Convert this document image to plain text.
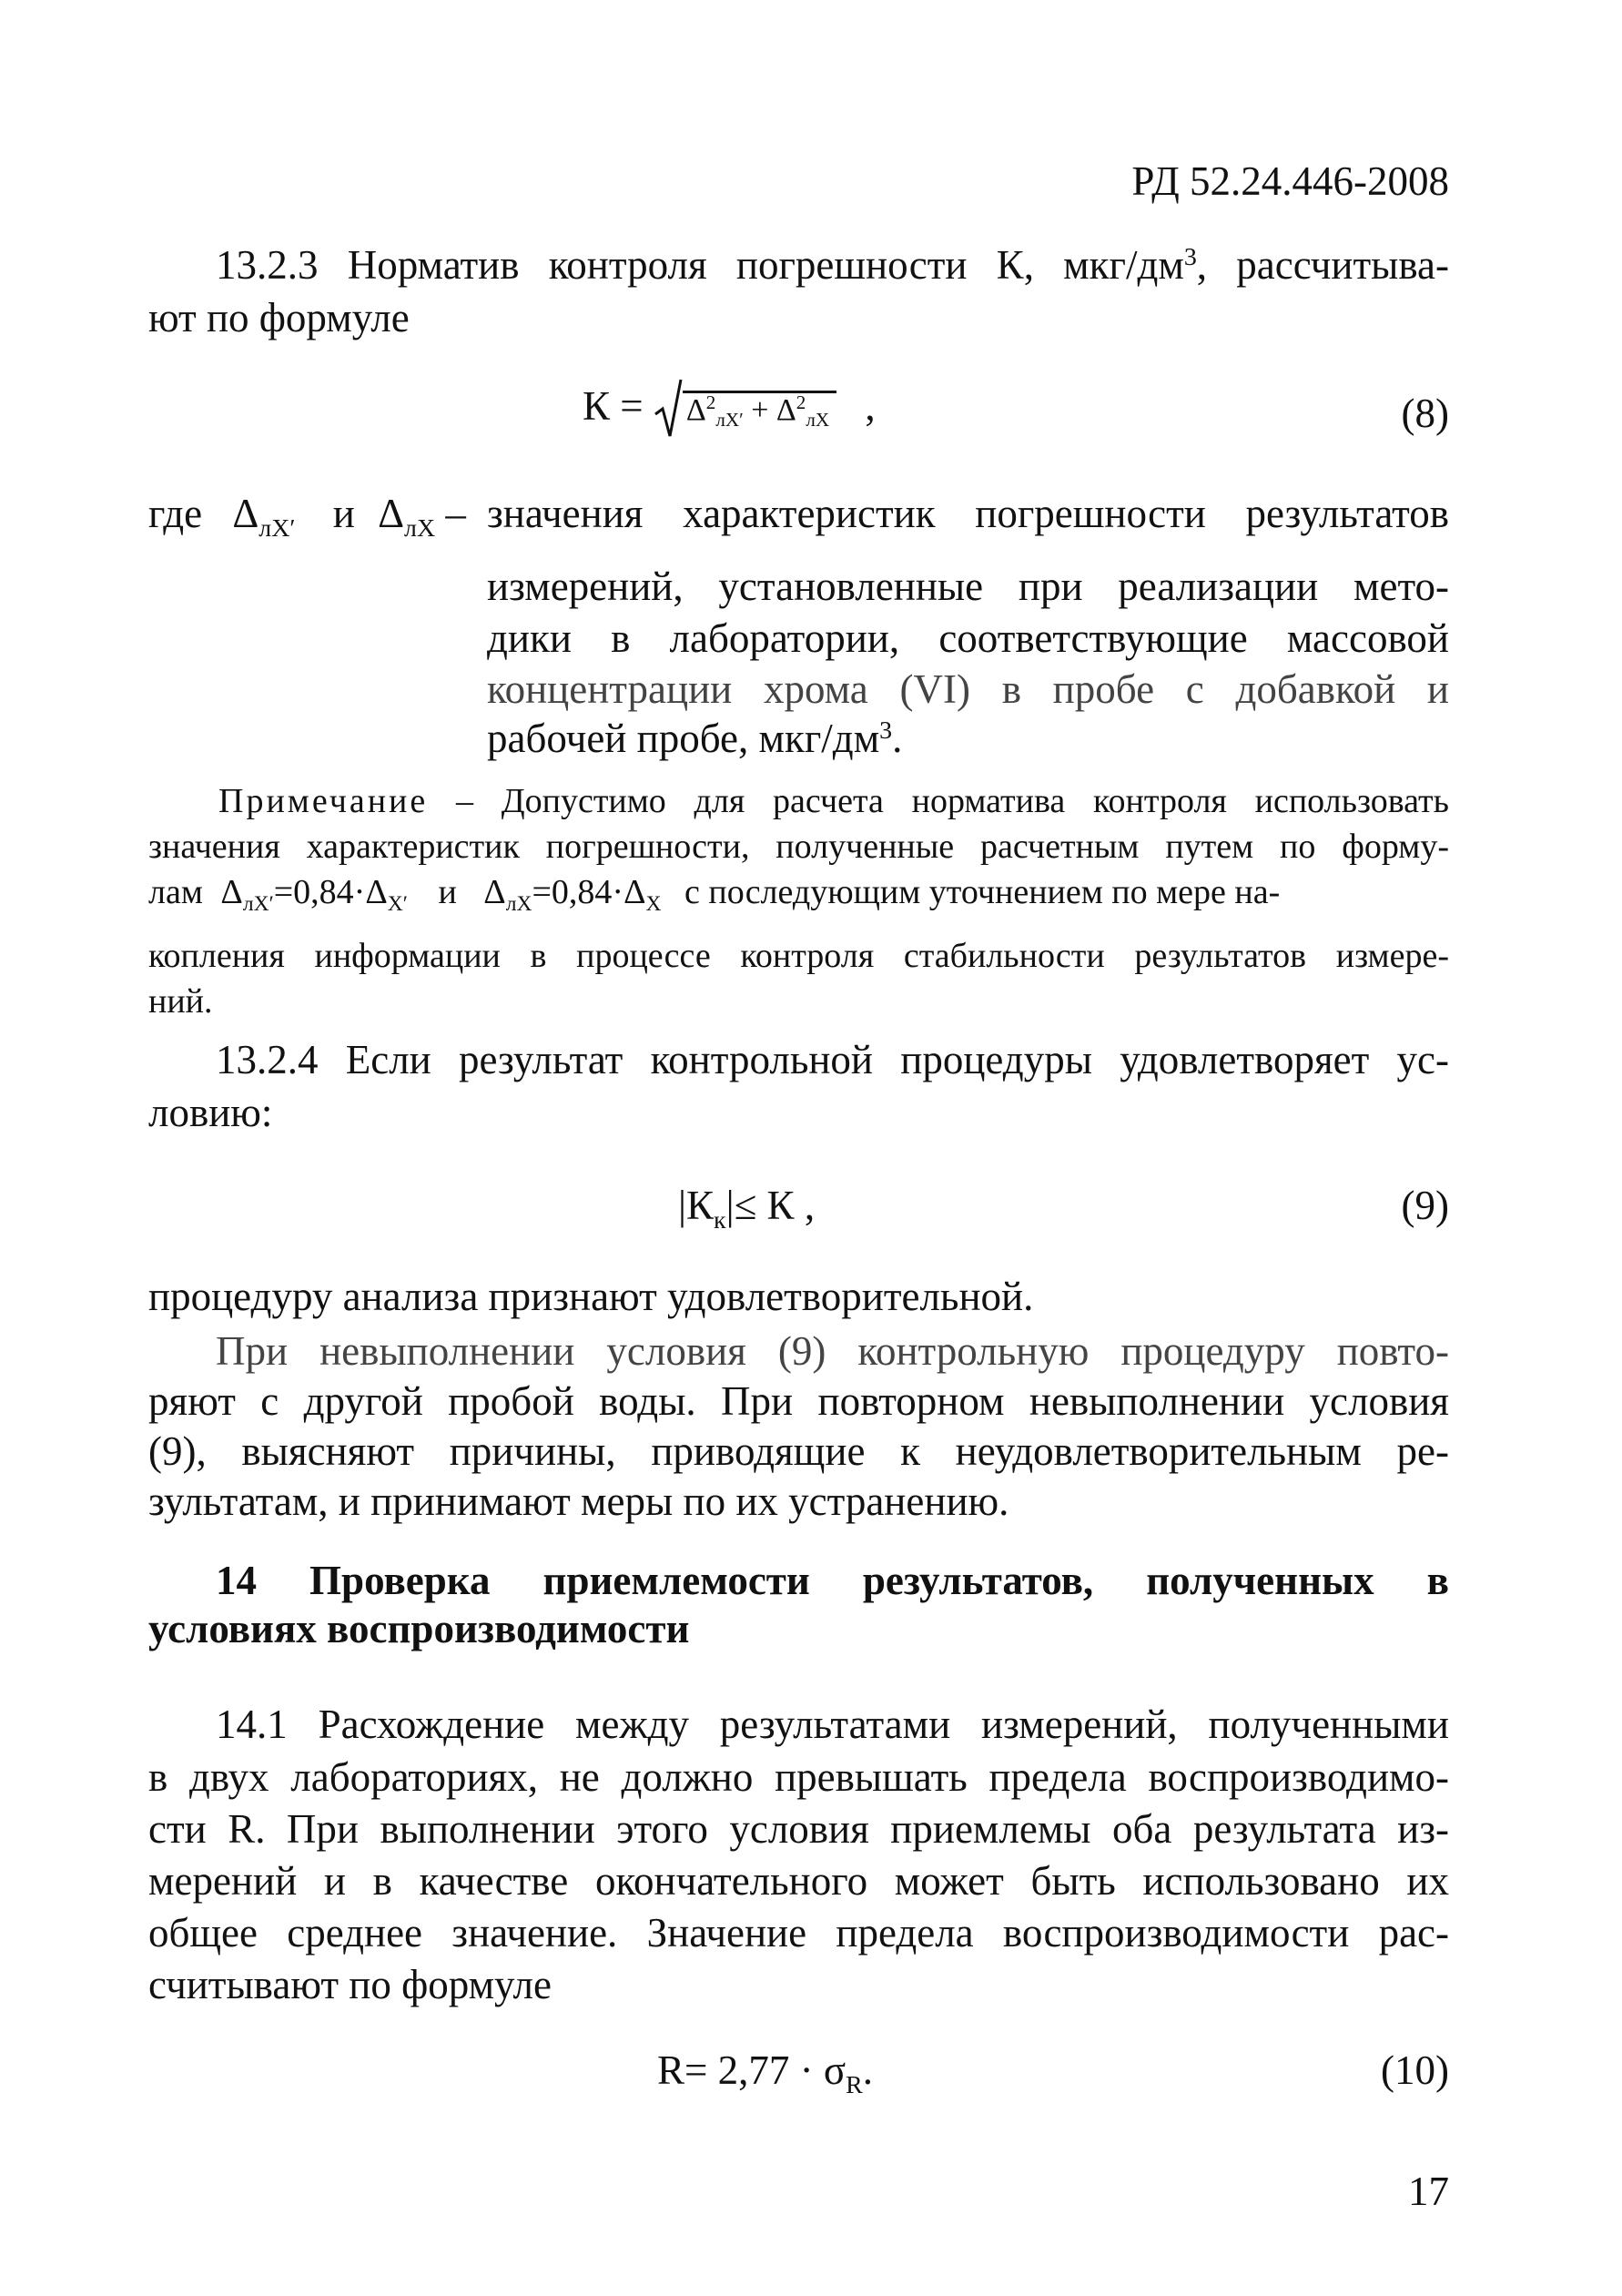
РД 52.24.446-2008
13.2.3 Норматив контроля погрешности К, мкг/$дм^3$, рассчитыва-
ют по формуле
$К = \Delta^2_{лХ'} + \Delta^2_{лХ}$ ,	(8)
где $\Delta_{лХ'}$ и $\Delta_{лХ}$ – значения характеристик погрешности результатов
измерений, установленные при реализации мето-
дики в лаборатории, соответствующие массовой
концентрации хрома (VI) в пробе с добавкой и
рабочей пробе, мкг/$дм^3$.
Примечание – Допустимо для расчета норматива контроля использовать
значения характеристик погрешности, полученные расчетным путем по форму-
лам $\Delta_{лХ'}=0,84\cdot\Delta_{Х'}$ и $\Delta_{лХ}=0,84\cdot\Delta_Х$ с последующим уточнением по мере на-
копления информации в процессе контроля стабильности результатов измере-
ний.
13.2.4 Если результат контрольной процедуры удовлетворяет ус-
ловию:
$|К_к|\le К$ ,	(9)
процедуру анализа признают удовлетворительной.
При невыполнении условия (9) контрольную процедуру повто-
ряют с другой пробой воды. При повторном невыполнении условия
(9), выясняют причины, приводящие к неудовлетворительным ре-
зультатам, и принимают меры по их устранению.
14 Проверка приемлемости результатов, полученных в
условиях воспроизводимости
14.1 Расхождение между результатами измерений, полученными
в двух лабораториях, не должно превышать предела воспроизводимо-
сти R. При выполнении этого условия приемлемы оба результата из-
мерений и в качестве окончательного может быть использовано их
общее среднее значение. Значение предела воспроизводимости рас-
считывают по формуле
$R= 2,77 \cdot \sigma_R$.	(10)
17
